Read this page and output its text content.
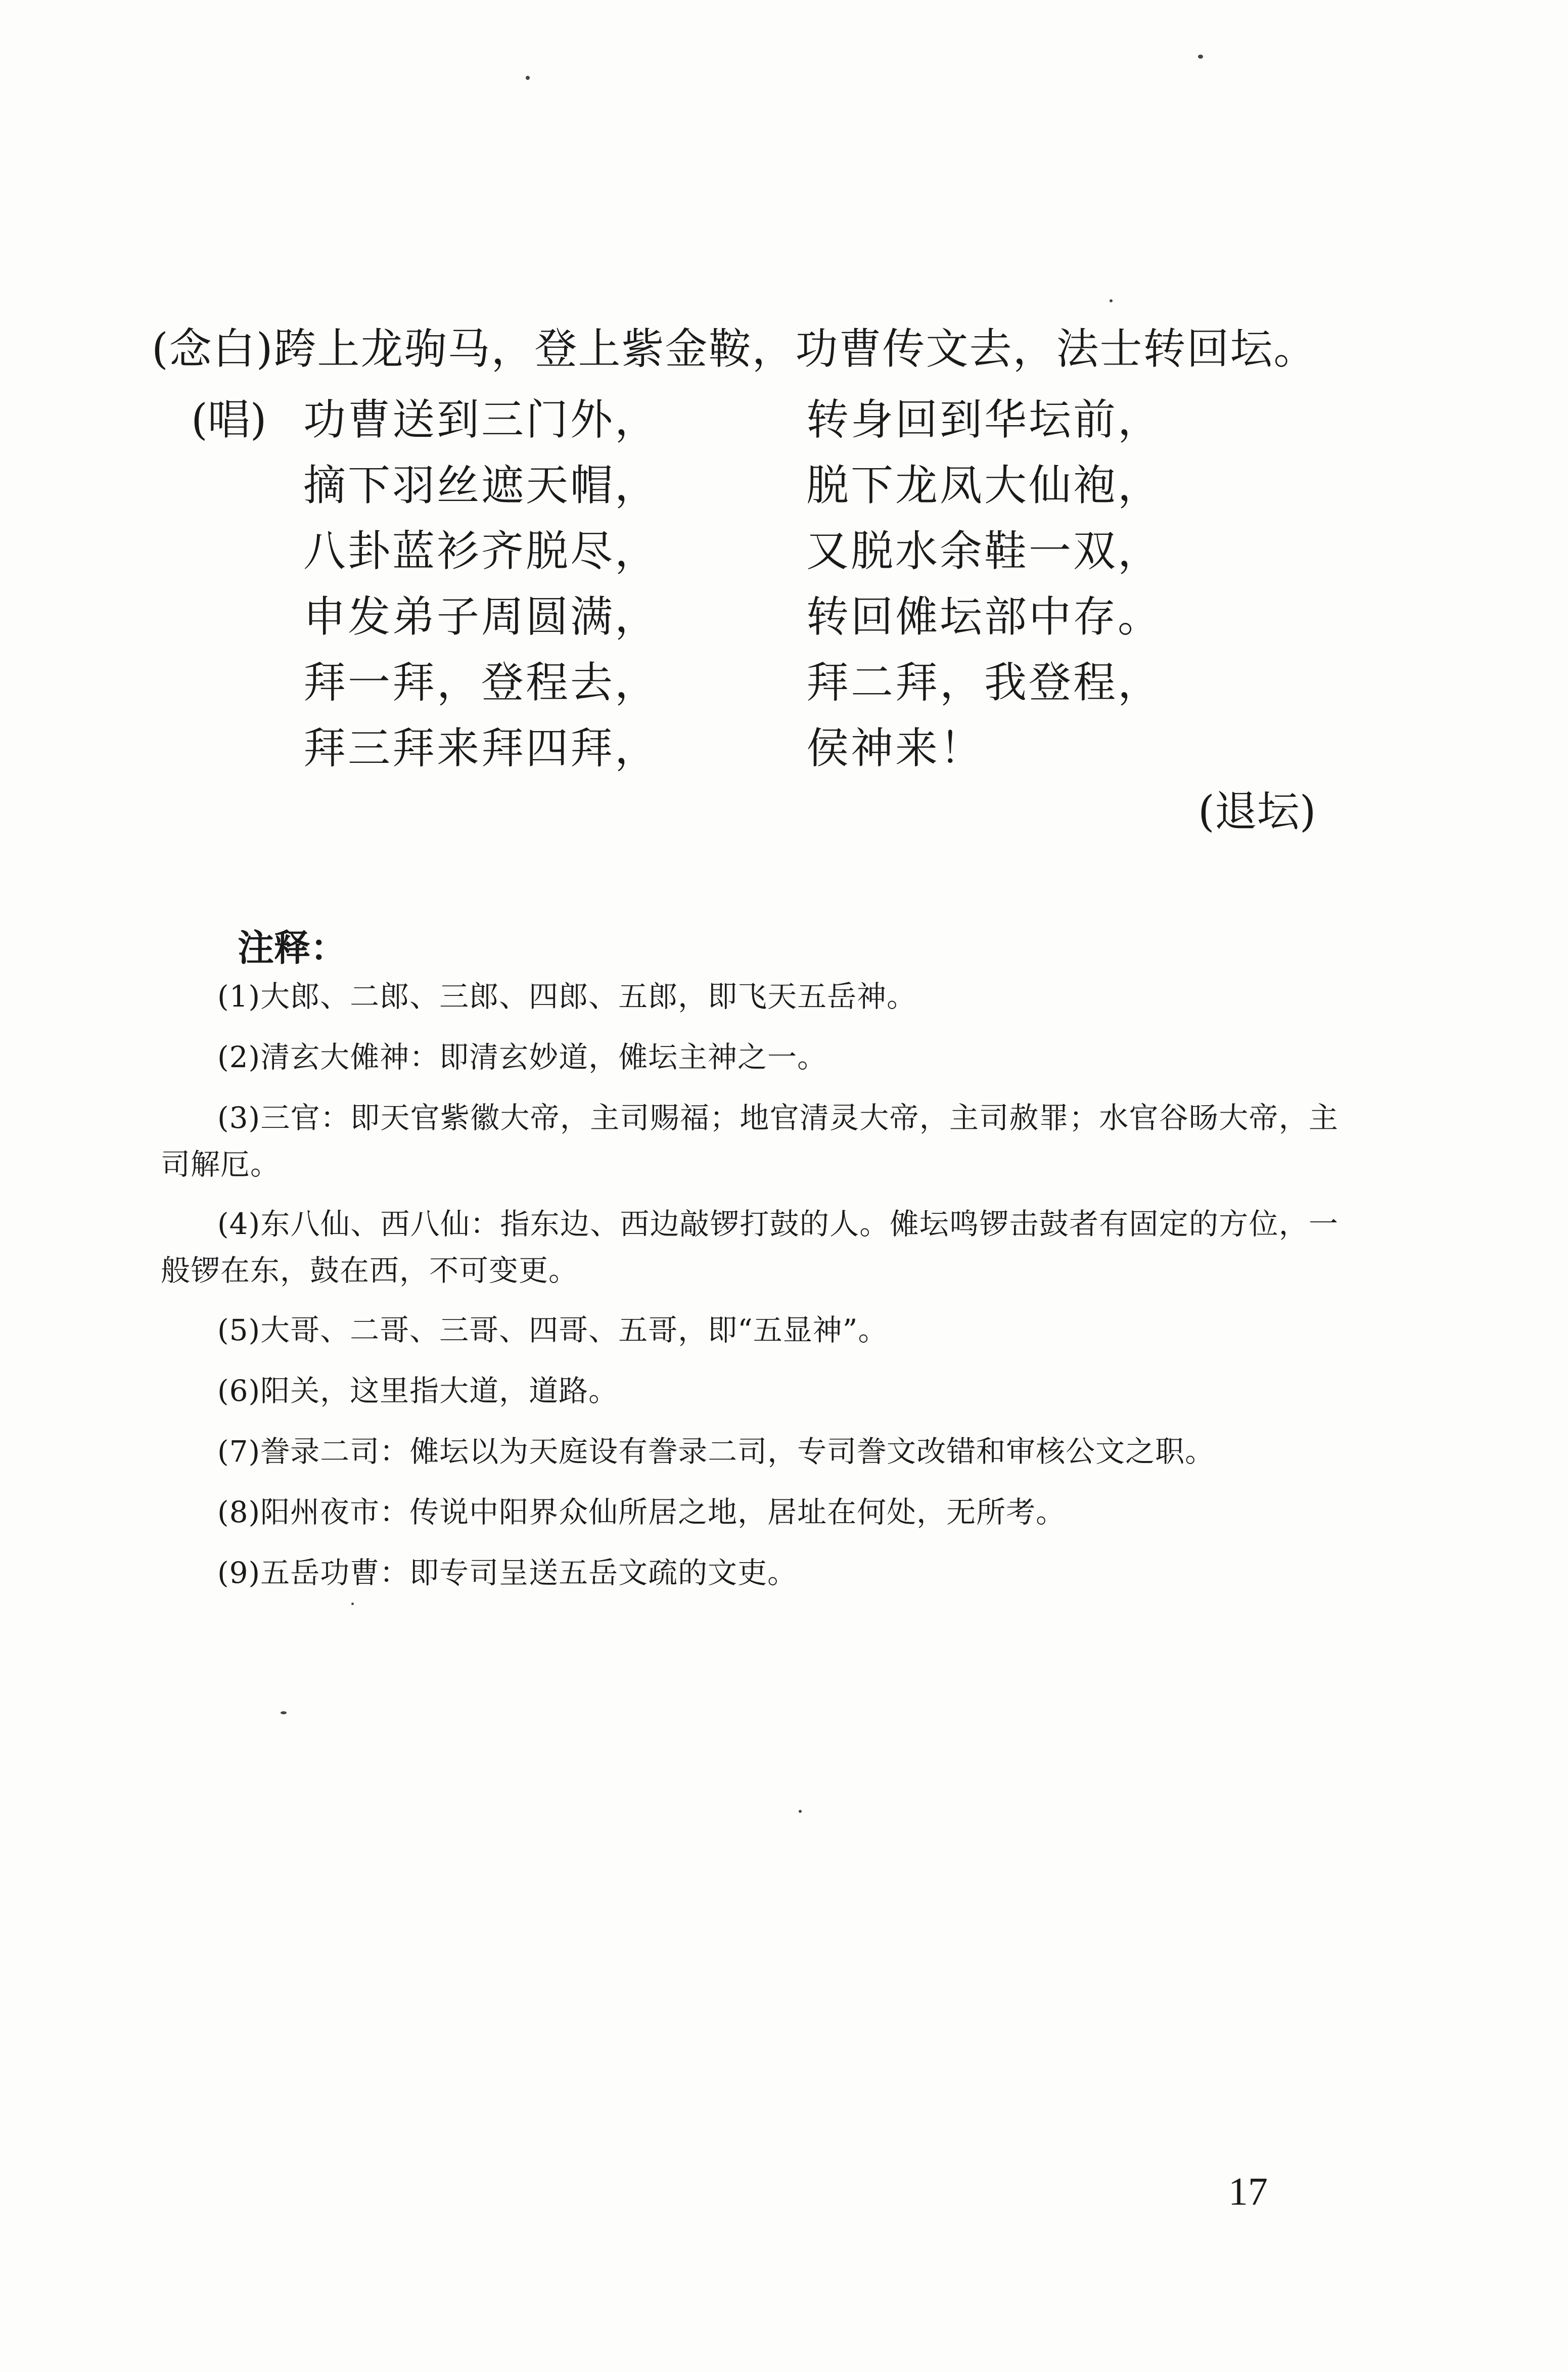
(念白)跨上龙驹马，登上紫金鞍，功曹传文去，法士转回坛。
(唱) 功曹送到三门外，	转身回到华坛前，
摘下羽丝遮天帽，	脱下龙凤大仙袍，
八卦蓝衫齐脱尽，	又脱水余鞋一双，
申发弟子周圆满，	转回傩坛部中存。
拜一拜，登程去，	拜二拜，我登程，
拜三拜来拜四拜，	侯神来！
(退坛)
注释：
(1)大郎、二郎、三郎、四郎、五郎，即飞天五岳神。
(2)清玄大傩神：即清玄妙道，傩坛主神之一。
(3)三官：即天官紫徽大帝，主司赐福；地官清灵大帝，主司赦罪；水官谷旸大帝，主司解厄。
(4)东八仙、西八仙：指东边、西边敲锣打鼓的人。傩坛鸣锣击鼓者有固定的方位，一般锣在东，鼓在西，不可变更。
(5)大哥、二哥、三哥、四哥、五哥，即“五显神”。
(6)阳关，这里指大道，道路。
(7)誊录二司：傩坛以为天庭设有誊录二司，专司誊文改错和审核公文之职。
(8)阳州夜市：传说中阳界众仙所居之地，居址在何处，无所考。
(9)五岳功曹：即专司呈送五岳文疏的文吏。
17
